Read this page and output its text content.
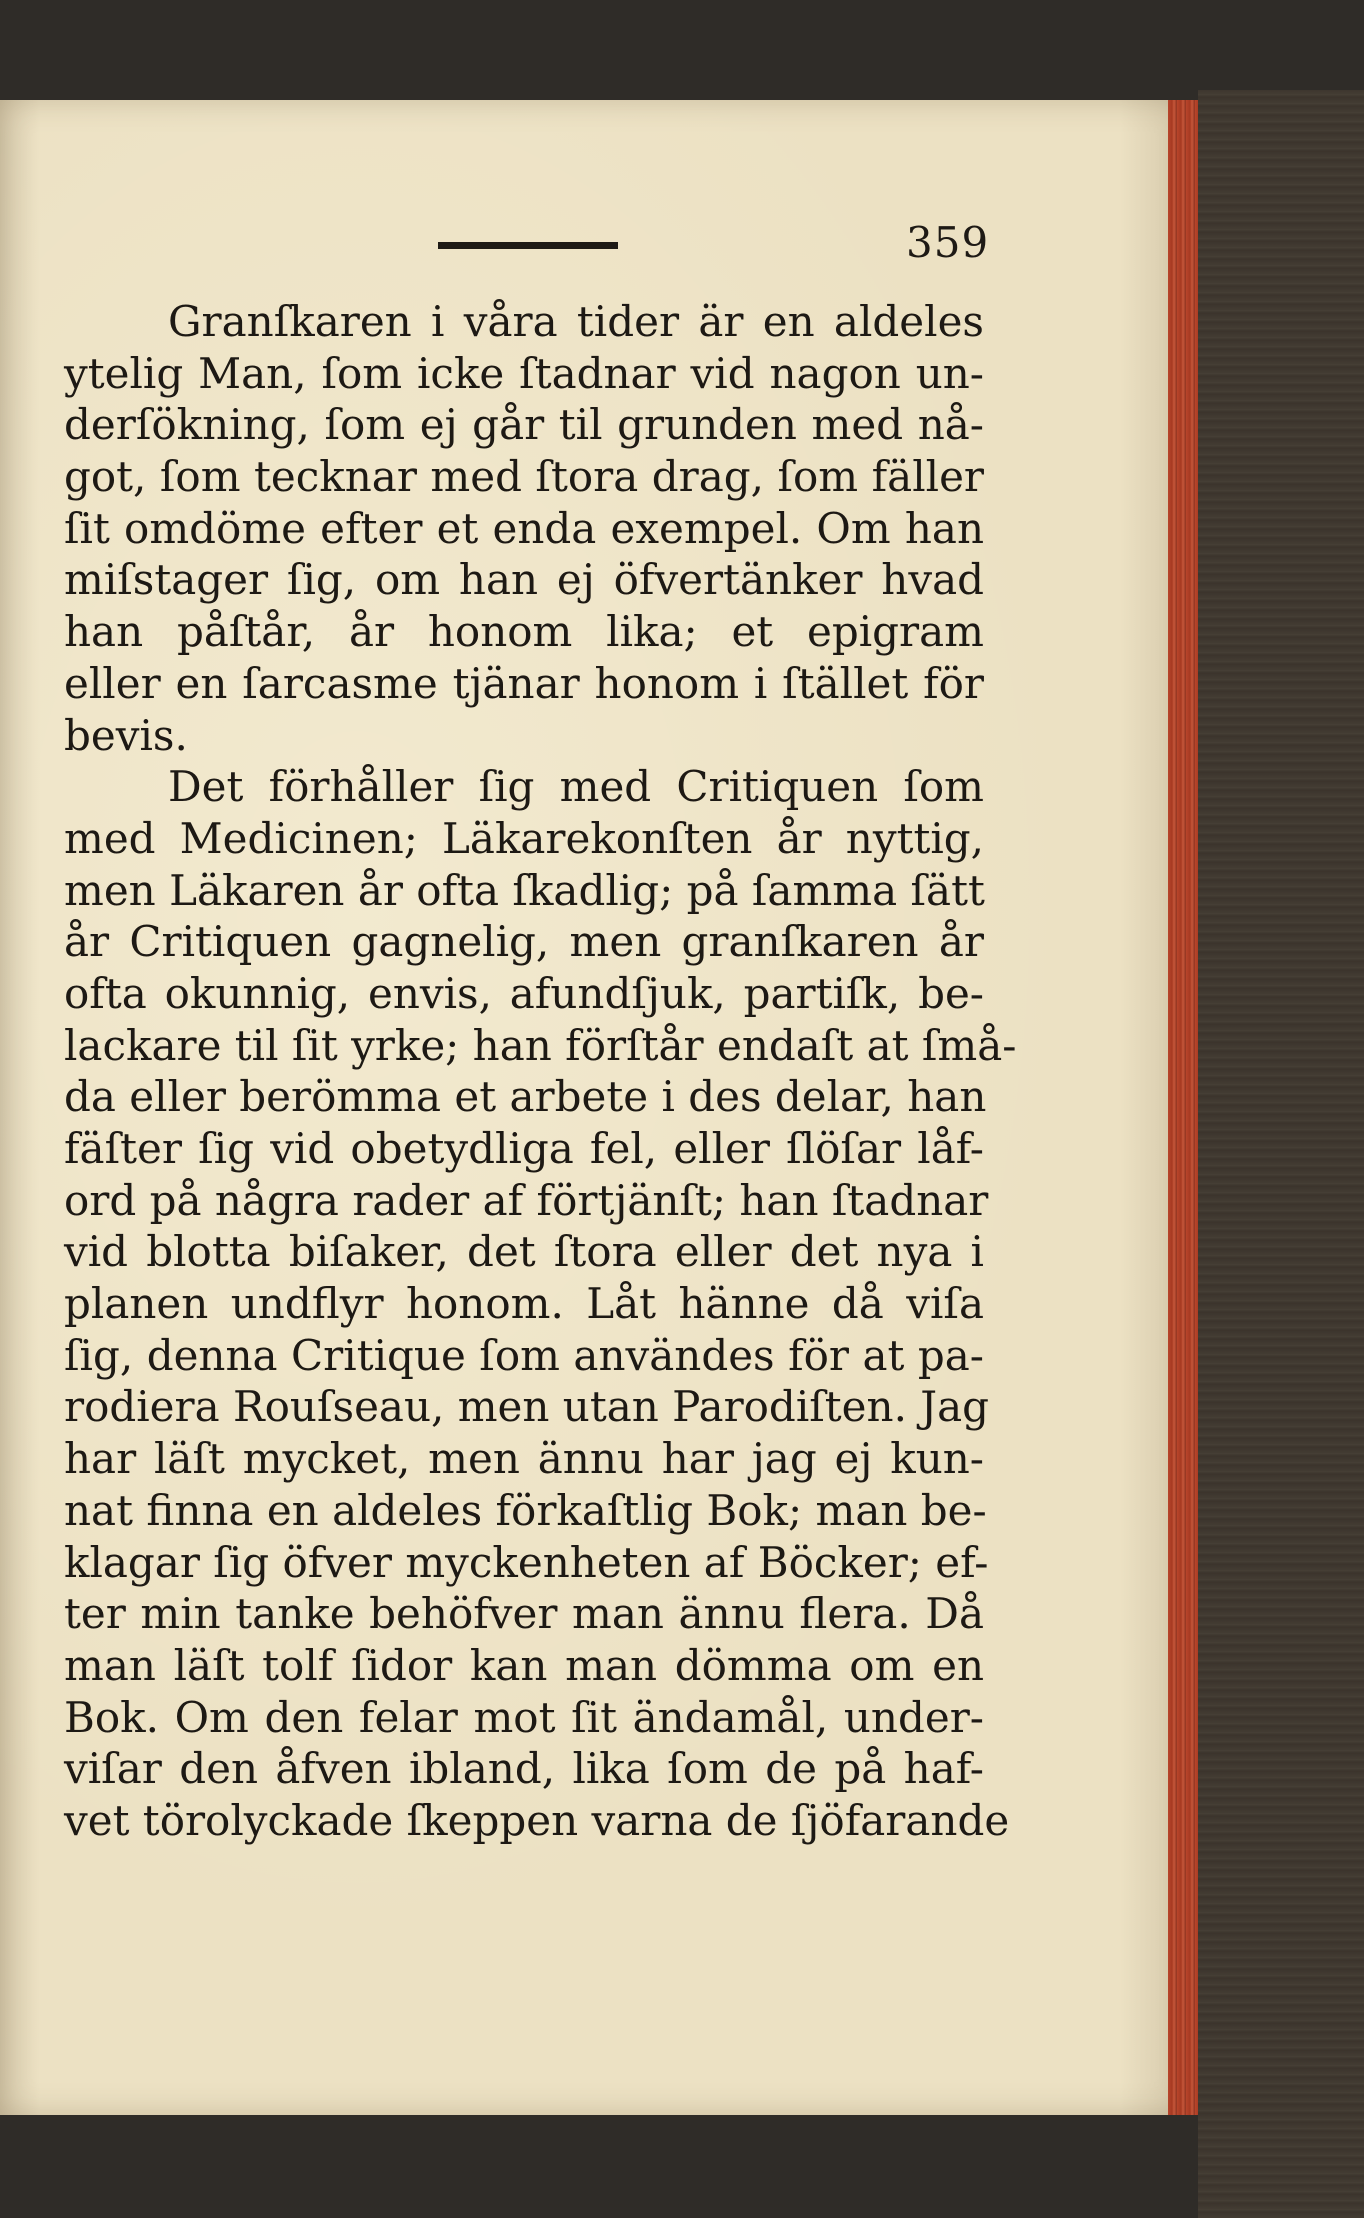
359
Granſkaren i våra tider är en aldeles
ytelig Man, ſom icke ſtadnar vid nagon un-
derſökning, ſom ej går til grunden med nå-
got, ſom tecknar med ſtora drag, ſom fäller
ſit omdöme efter et enda exempel. Om han
miſstager ſig, om han ej öfvertänker hvad
han påſtår, år honom lika; et epigram
eller en ſarcasme tjänar honom i ſtället för
bevis.
Det förhåller ſig med Critiquen ſom
med Medicinen; Läkarekonſten år nyttig,
men Läkaren år ofta ſkadlig; på ſamma ſätt
år Critiquen gagnelig, men granſkaren år
ofta okunnig, envis, afundſjuk, partiſk, be-
lackare til ſit yrke; han förſtår endaſt at ſmå-
da eller berömma et arbete i des delar, han
fäſter ſig vid obetydliga fel, eller ſlöſar låf-
ord på några rader af förtjänſt; han ſtadnar
vid blotta biſaker, det ſtora eller det nya i
planen undflyr honom. Låt hänne då viſa
ſig, denna Critique ſom användes för at pa-
rodiera Rouſseau, men utan Parodiſten. Jag
har läſt mycket, men ännu har jag ej kun-
nat finna en aldeles förkaſtlig Bok; man be-
klagar ſig öfver myckenheten af Böcker; ef-
ter min tanke behöfver man ännu flera. Då
man läſt tolf ſidor kan man dömma om en
Bok. Om den felar mot ſit ändamål, under-
viſar den åfven ibland, lika ſom de på haf-
vet törolyckade ſkeppen varna de ſjöfarande
